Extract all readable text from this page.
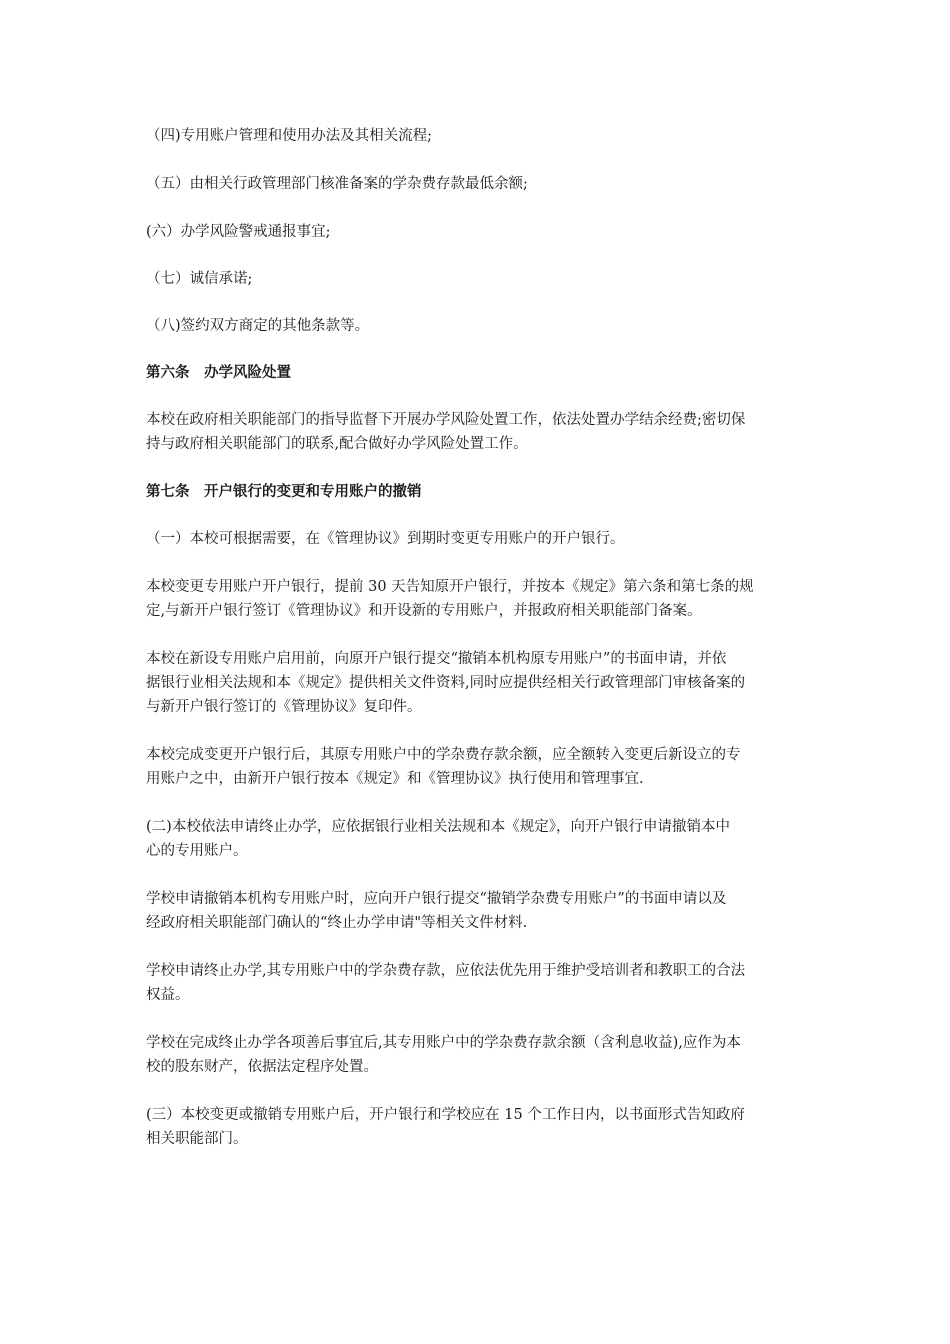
（四)专用账户管理和使用办法及其相关流程;

（五）由相关行政管理部门核准备案的学杂费存款最低余额;

(六）办学风险警戒通报事宜;

（七）诚信承诺;

（八)签约双方商定的其他条款等。

第六条　办学风险处置

本校在政府相关职能部门的指导监督下开展办学风险处置工作，依法处置办学结余经费;密切保
持与政府相关职能部门的联系,配合做好办学风险处置工作。

第七条　开户银行的变更和专用账户的撤销

（一）本校可根据需要，在《管理协议》到期时变更专用账户的开户银行。

本校变更专用账户开户银行，提前 30 天告知原开户银行，并按本《规定》第六条和第七条的规
定,与新开户银行签订《管理协议》和开设新的专用账户，并报政府相关职能部门备案。

本校在新设专用账户启用前，向原开户银行提交“撤销本机构原专用账户”的书面申请，并依
据银行业相关法规和本《规定》提供相关文件资料,同时应提供经相关行政管理部门审核备案的
与新开户银行签订的《管理协议》复印件。

本校完成变更开户银行后，其原专用账户中的学杂费存款余额，应全额转入变更后新设立的专
用账户之中，由新开户银行按本《规定》和《管理协议》执行使用和管理事宜.

(二)本校依法申请终止办学，应依据银行业相关法规和本《规定》，向开户银行申请撤销本中
心的专用账户。

学校申请撤销本机构专用账户时，应向开户银行提交“撤销学杂费专用账户”的书面申请以及
经政府相关职能部门确认的“终止办学申请"等相关文件材料.

学校申请终止办学,其专用账户中的学杂费存款，应依法优先用于维护受培训者和教职工的合法
权益。

学校在完成终止办学各项善后事宜后,其专用账户中的学杂费存款余额（含利息收益),应作为本
校的股东财产，依据法定程序处置。

(三）本校变更或撤销专用账户后，开户银行和学校应在 15 个工作日内，以书面形式告知政府
相关职能部门。
